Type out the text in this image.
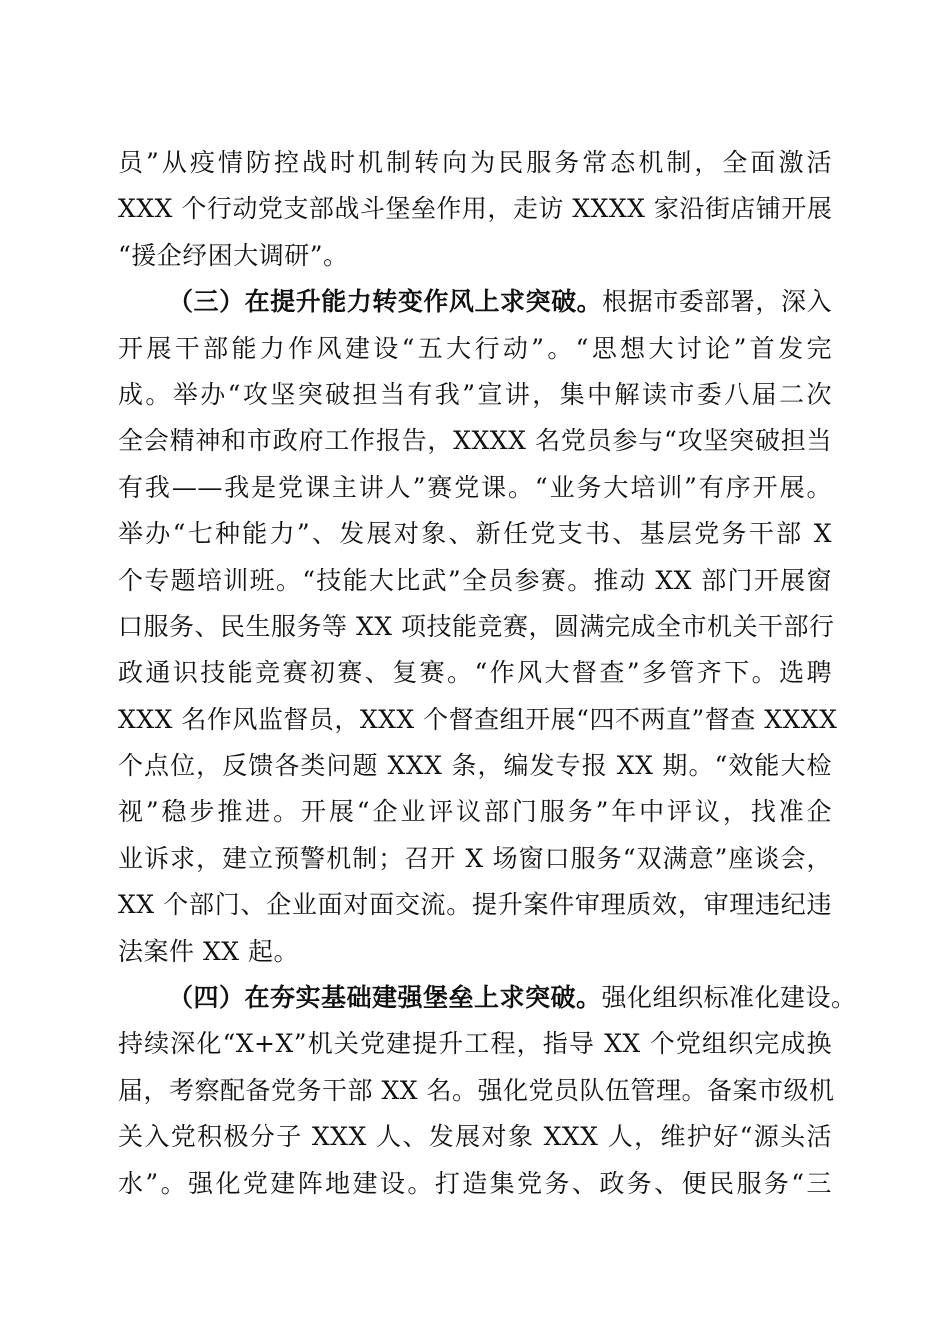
员”从疫情防控战时机制转向为民服务常态机制，全面激活
XXX 个行动党支部战斗堡垒作用，走访 XXXX 家沿街店铺开展
“援企纾困大调研”。
（三）在提升能力转变作风上求突破。根据市委部署，深入
开展干部能力作风建设“五大行动”。“思想大讨论”首发完
成。举办“攻坚突破担当有我”宣讲，集中解读市委八届二次
全会精神和市政府工作报告，XXXX 名党员参与“攻坚突破担当
有我——我是党课主讲人”赛党课。“业务大培训”有序开展。
举办“七种能力”、发展对象、新任党支书、基层党务干部 X
个专题培训班。“技能大比武”全员参赛。推动 XX 部门开展窗
口服务、民生服务等 XX 项技能竞赛，圆满完成全市机关干部行
政通识技能竞赛初赛、复赛。“作风大督查”多管齐下。选聘
XXX 名作风监督员，XXX 个督查组开展“四不两直”督查 XXXX
个点位，反馈各类问题 XXX 条，编发专报 XX 期。“效能大检
视”稳步推进。开展“企业评议部门服务”年中评议，找准企
业诉求，建立预警机制；召开 X 场窗口服务“双满意”座谈会，
XX 个部门、企业面对面交流。提升案件审理质效，审理违纪违
法案件 XX 起。
（四）在夯实基础建强堡垒上求突破。强化组织标准化建设。
持续深化“X+X”机关党建提升工程，指导 XX 个党组织完成换
届，考察配备党务干部 XX 名。强化党员队伍管理。备案市级机
关入党积极分子 XXX 人、发展对象 XXX 人，维护好“源头活
水”。强化党建阵地建设。打造集党务、政务、便民服务“三
